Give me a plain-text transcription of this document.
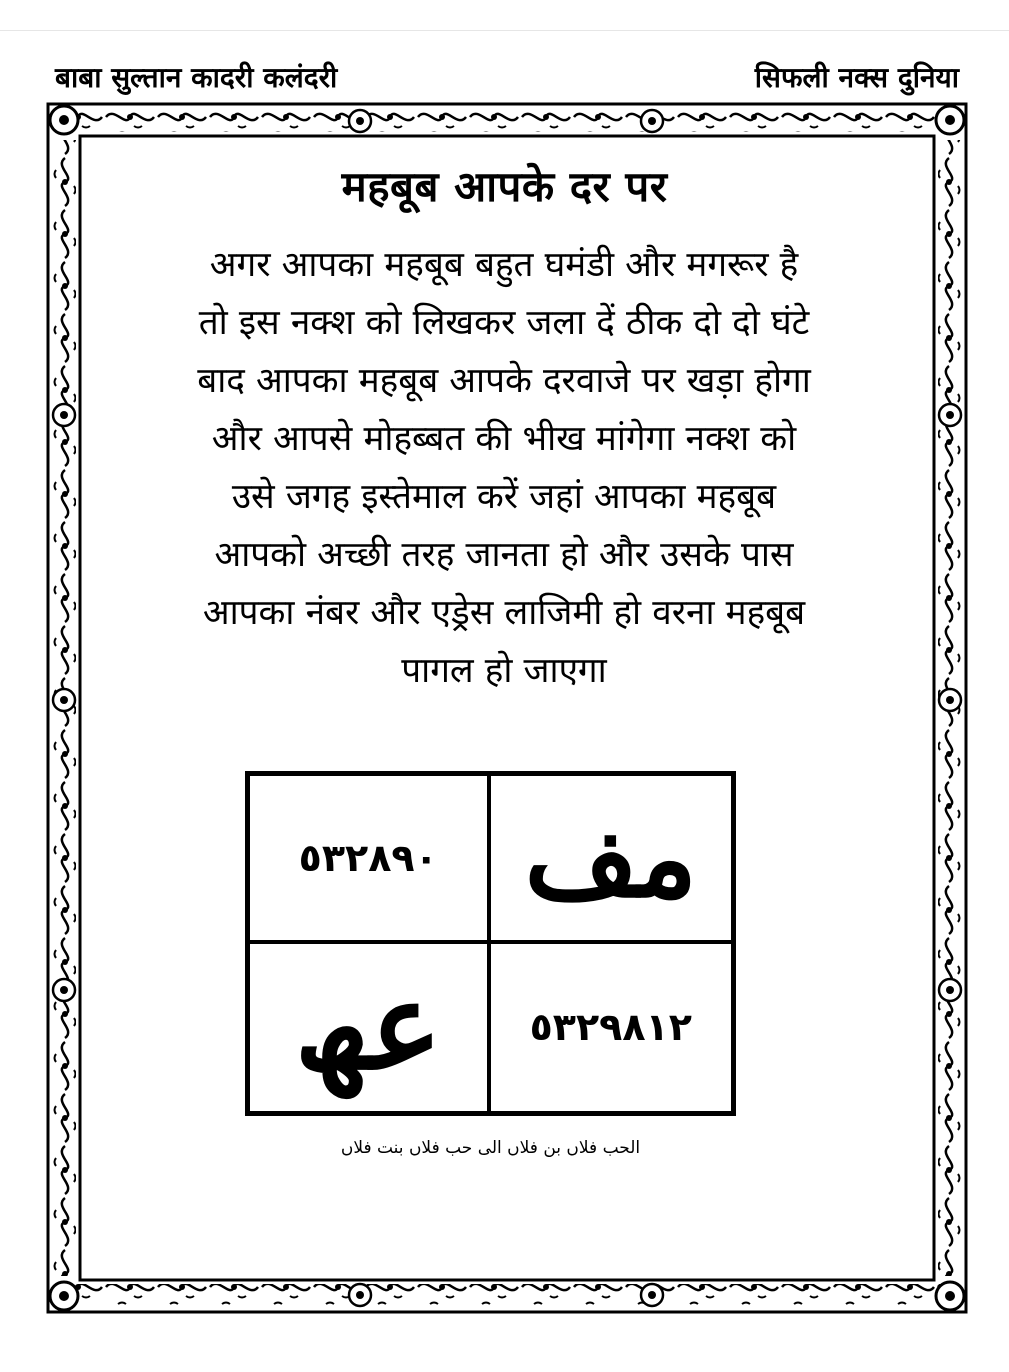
बाबा सुल्तान कादरी कलंदरी	सिफली नक्स दुनिया
महबूब आपके दर पर
अगर आपका महबूब बहुत घमंडी और मगरूर है
तो इस नक्श को लिखकर जला दें ठीक दो दो घंटे
बाद आपका महबूब आपके दरवाजे पर खड़ा होगा
और आपसे मोहब्बत की भीख मांगेगा नक्श को
उसे जगह इस्तेमाल करें जहां आपका महबूब
आपको अच्छी तरह जानता हो और उसके पास
आपका नंबर और एड्रेस लाजिमी हो वरना महबूब
पागल हो जाएगा
٥٣٢٨٩٠ مف
عھ ٥٣٢٩٨١٢
الحب فلاں بن فلاں الی حب فلاں بنت فلاں
